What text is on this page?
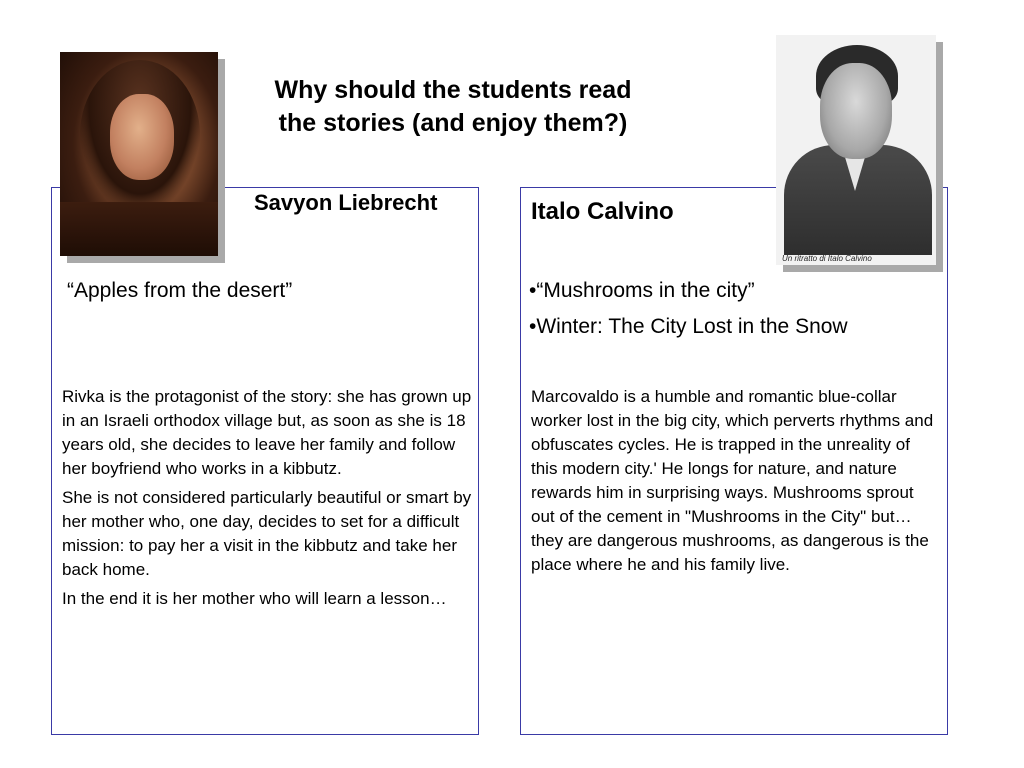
Why should the students read
the stories (and enjoy them?)
Un ritratto di Italo Calvino
Savyon Liebrecht
“Apples from the desert”

Rivka is the protagonist of the story: she has grown up in an Israeli orthodox village but, as soon as she is 18 years old, she decides to leave her family and follow her boyfriend who works in a kibbutz.

She is not considered particularly beautiful or smart by her mother who, one day, decides to set for a difficult mission: to pay her a visit in the kibbutz and take her back home.

In the end it is her mother who will learn a lesson…

Italo Calvino
•“Mushrooms in the city”
•Winter: The City Lost in the Snow

Marcovaldo is a humble and romantic blue-collar worker lost in the big city, which perverts rhythms and obfuscates cycles. He is trapped in the unreality of this modern city.' He longs for nature, and nature rewards him in surprising ways. Mushrooms sprout out of the cement in "Mushrooms in the City" but… they are dangerous mushrooms, as dangerous is the place where he and his family live.
